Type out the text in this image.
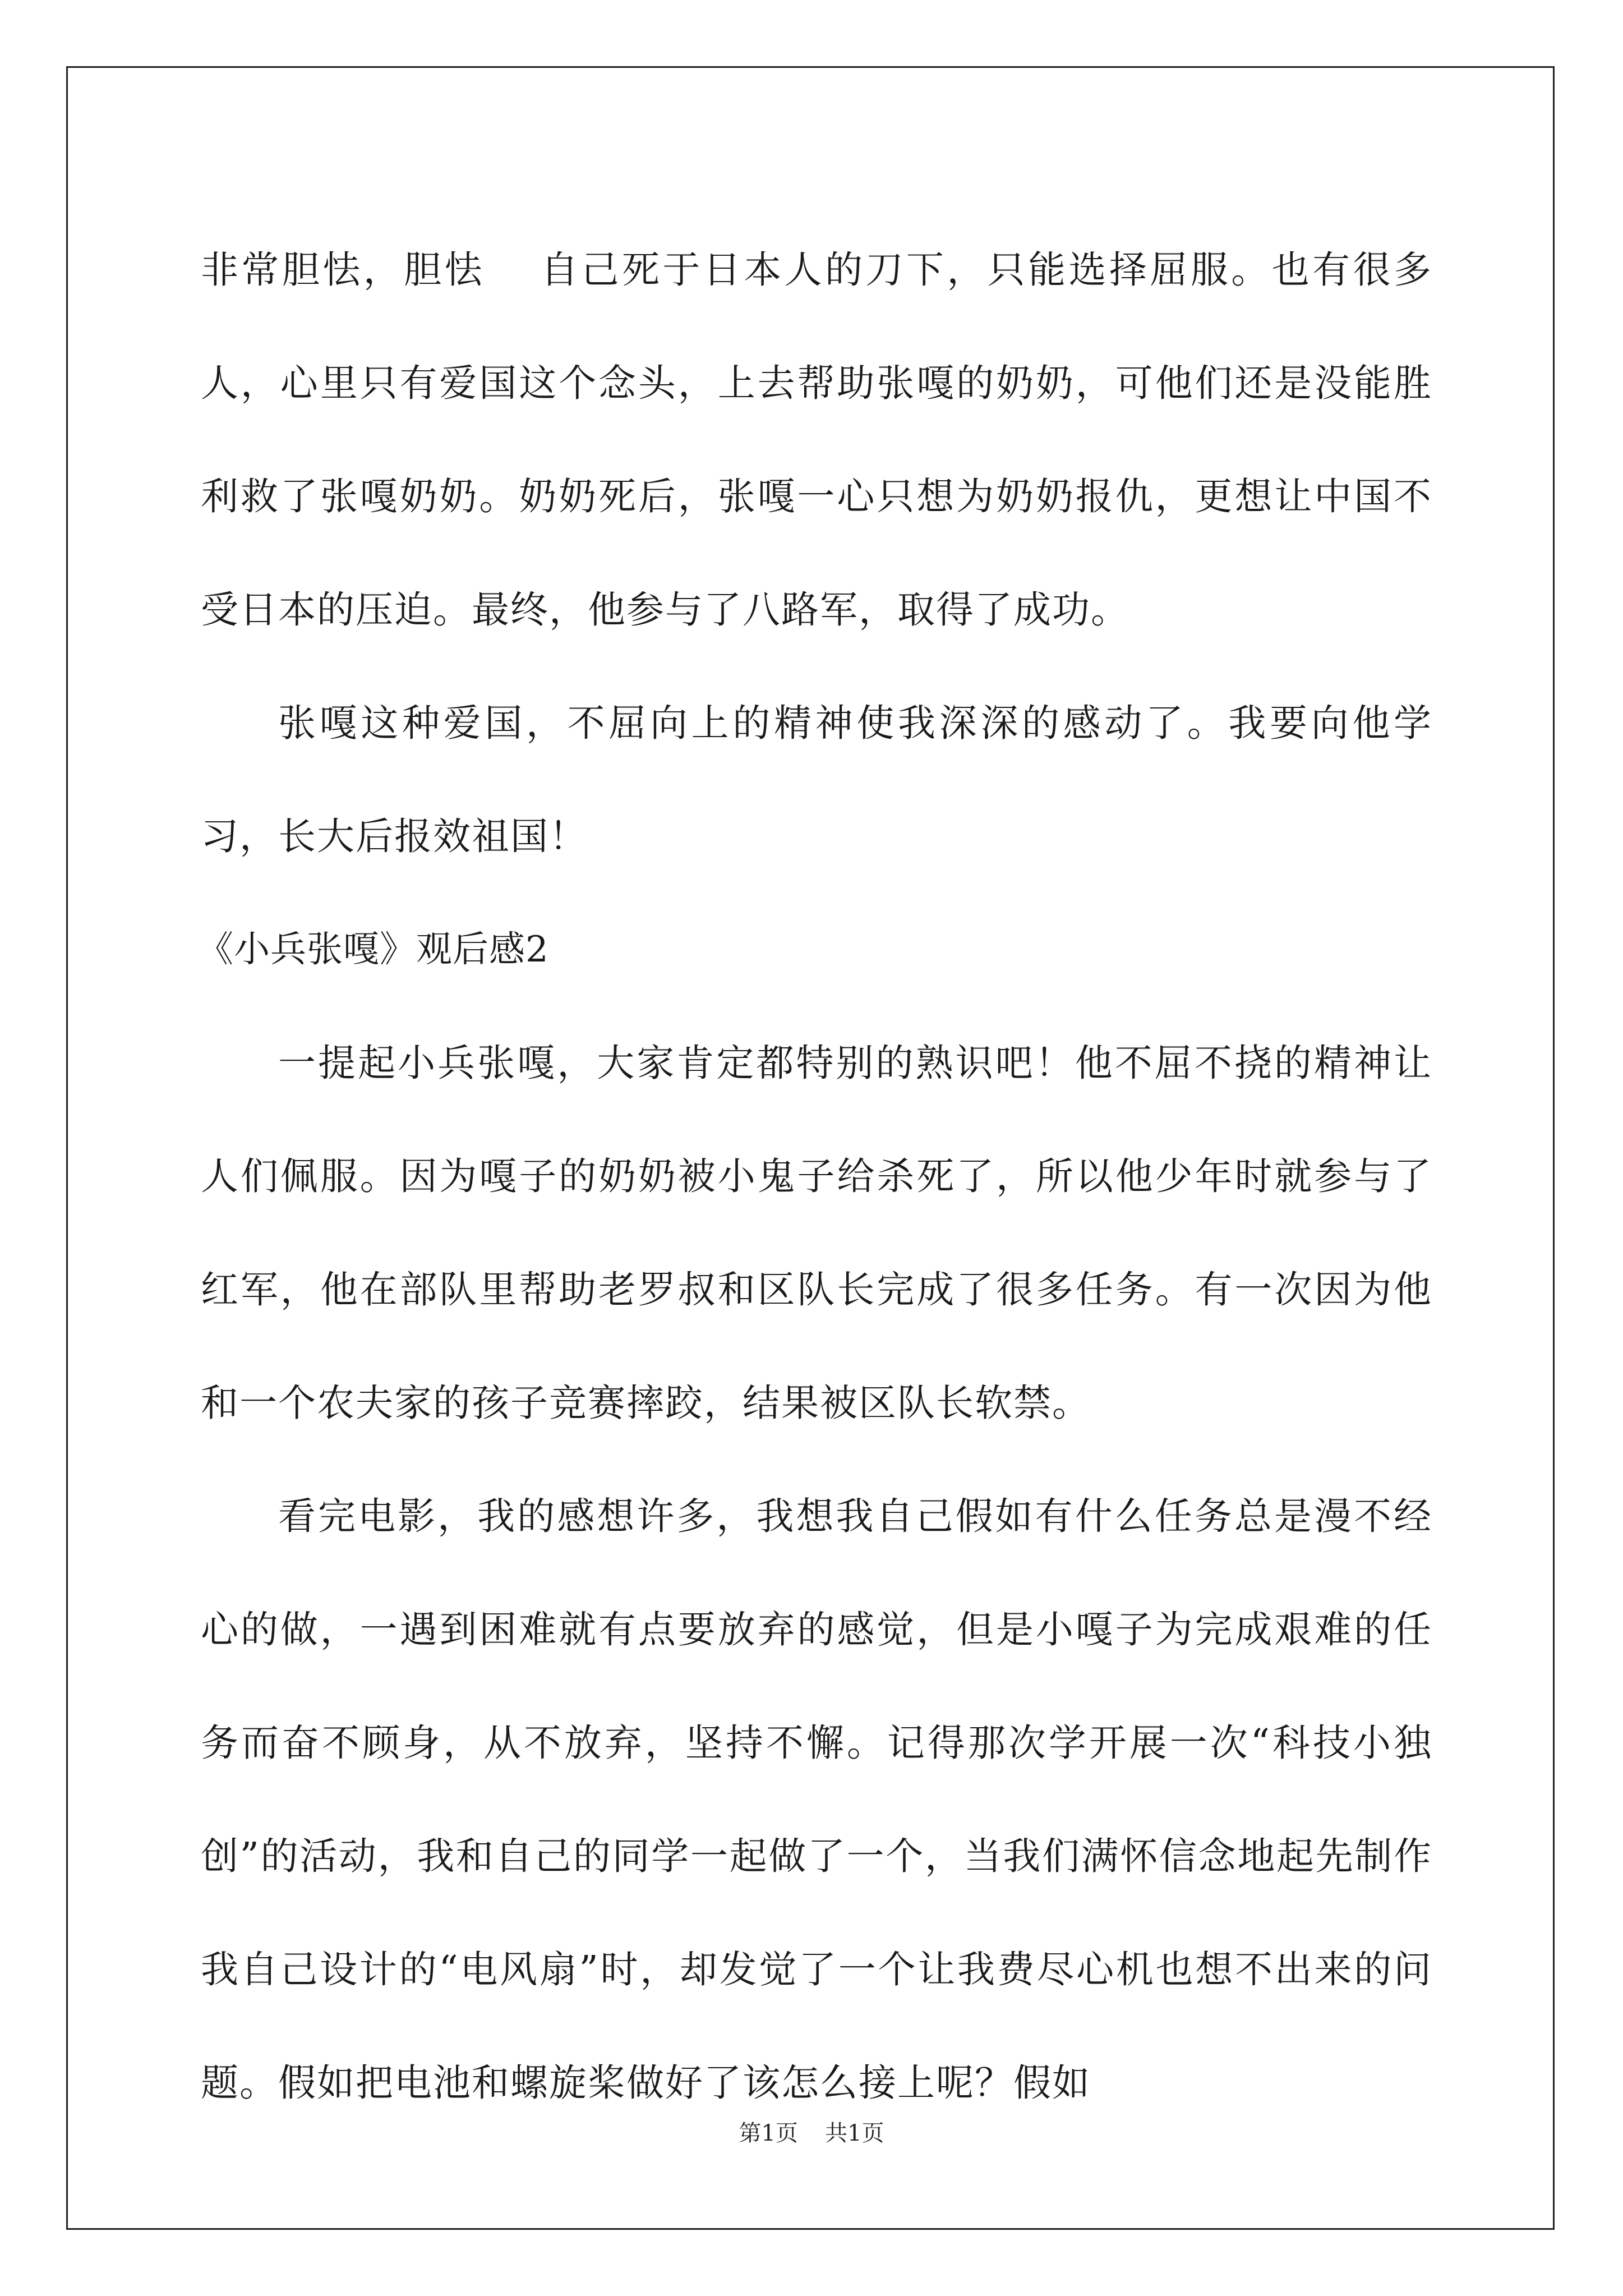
非常胆怯，胆怯　 自己死于日本人的刀下，只能选择屈服。也有很多人，心里只有爱国这个念头，上去帮助张嘎的奶奶，可他们还是没能胜利救了张嘎奶奶。奶奶死后，张嘎一心只想为奶奶报仇，更想让中国不受日本的压迫。最终，他参与了八路军，取得了成功。

张嘎这种爱国，不屈向上的精神使我深深的感动了。我要向他学习，长大后报效祖国！

《小兵张嘎》观后感2

一提起小兵张嘎，大家肯定都特别的熟识吧！他不屈不挠的精神让人们佩服。因为嘎子的奶奶被小鬼子给杀死了，所以他少年时就参与了红军，他在部队里帮助老罗叔和区队长完成了很多任务。有一次因为他和一个农夫家的孩子竞赛摔跤，结果被区队长软禁。

看完电影，我的感想许多，我想我自己假如有什么任务总是漫不经心的做，一遇到困难就有点要放弃的感觉，但是小嘎子为完成艰难的任务而奋不顾身，从不放弃，坚持不懈。记得那次学开展一次“科技小独创”的活动，我和自己的同学一起做了一个，当我们满怀信念地起先制作我自己设计的“电风扇”时，却发觉了一个让我费尽心机也想不出来的问题。假如把电池和螺旋桨做好了该怎么接上呢？假如

第1页 共1页
